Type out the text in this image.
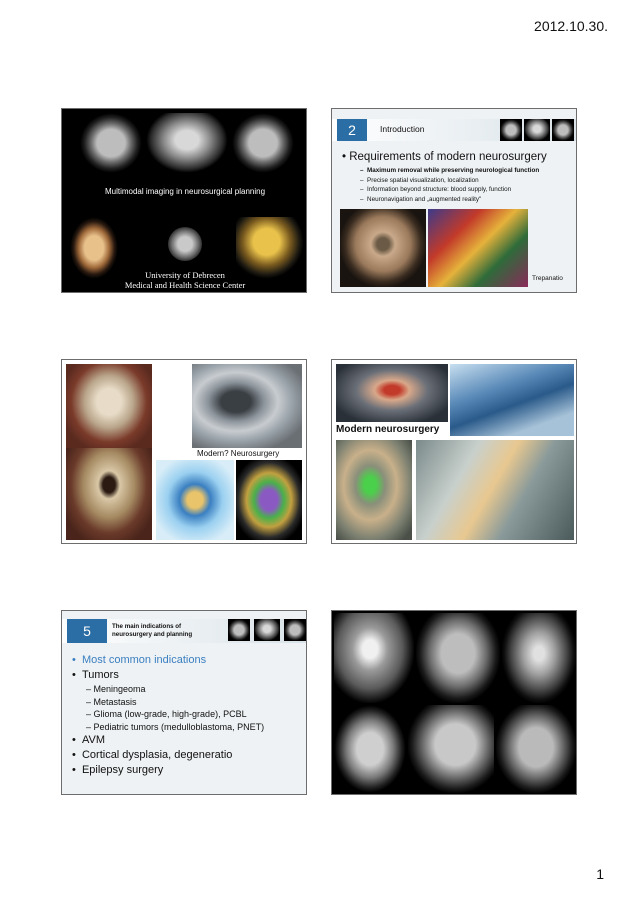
2012.10.30.
Multimodal imaging in neurosurgical planning
University of Debrecen
Medical and Health Science Center
2	Introduction
• Requirements of modern neurosurgery
–  Maximum removal while preserving neurological function
–  Precise spatial visualization, localization
–  Information beyond structure: blood supply, function
–  Neuronavigation and „augmented reality"
Trepanatio
Modern? Neurosurgery
Modern neurosurgery
5	The main indications of
neurosurgery and planning
•  Most common indications
•  Tumors
– Meningeoma
– Metastasis
– Glioma (low-grade, high-grade), PCBL
– Pediatric tumors (medulloblastoma, PNET)
•  AVM
•  Cortical dysplasia, degeneratio
•  Epilepsy surgery
1
